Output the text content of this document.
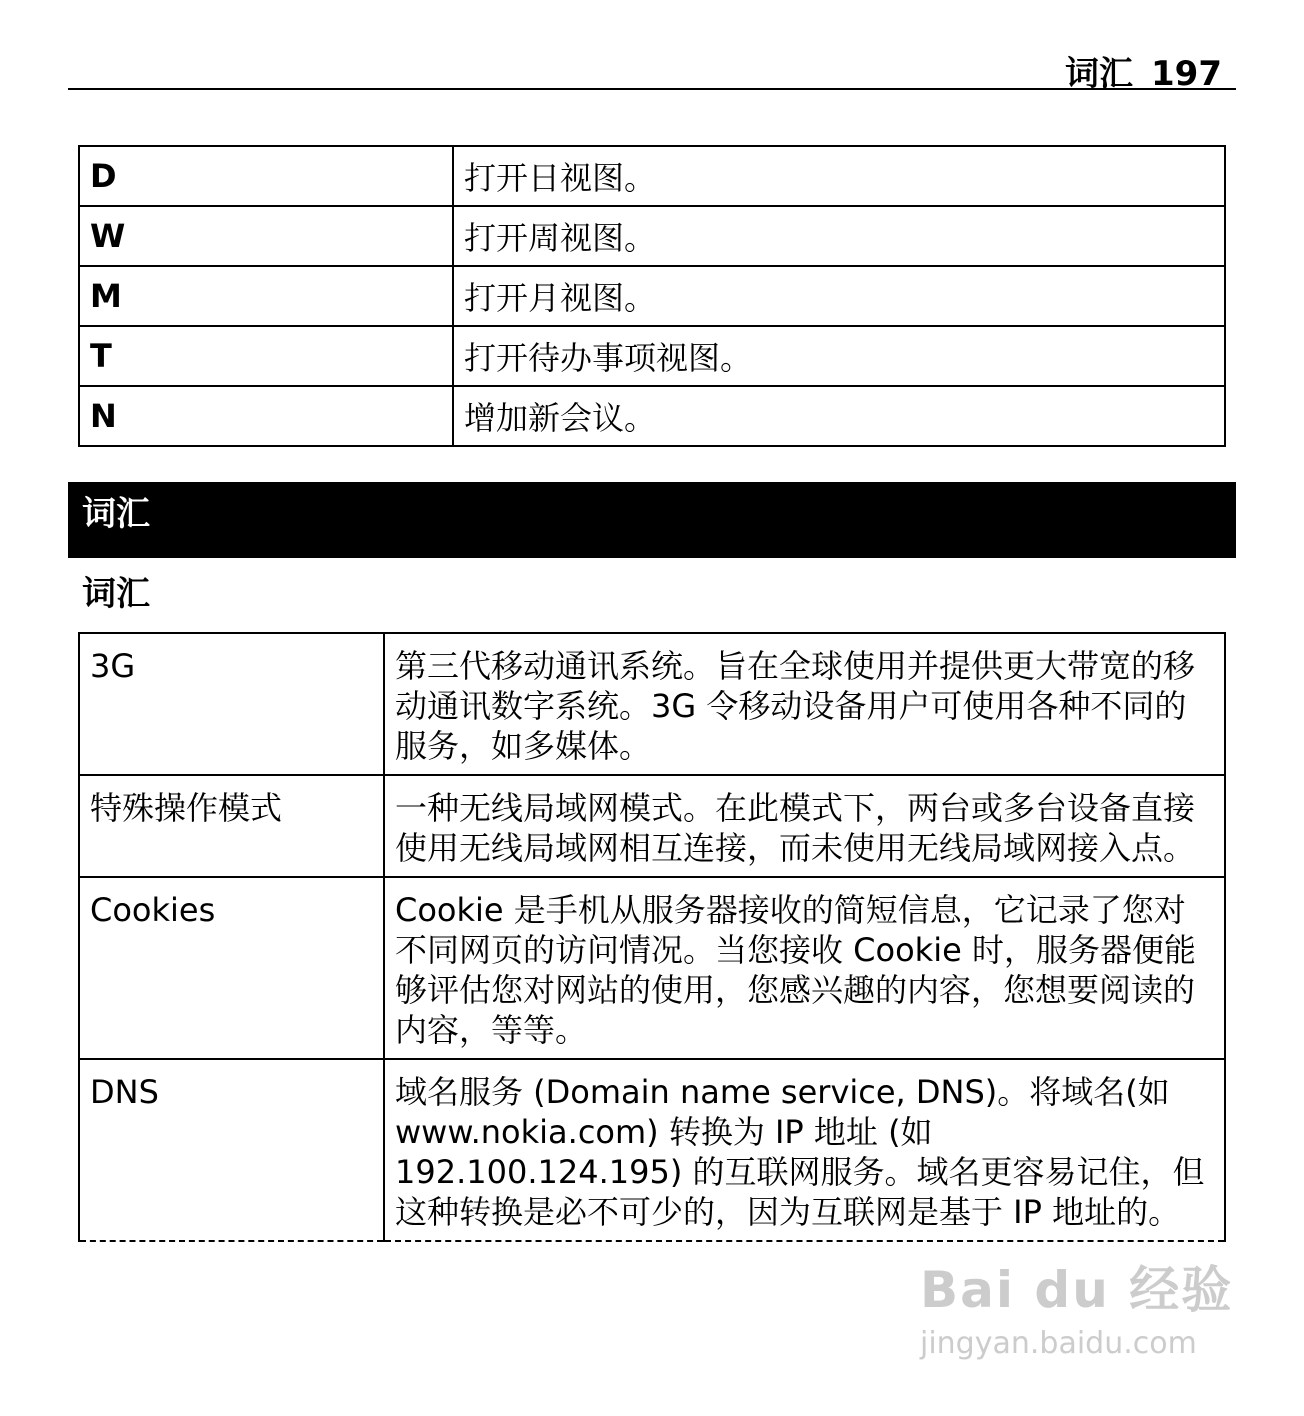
词汇 197
D	打开日视图。
W	打开周视图。
M	打开月视图。
T	打开待办事项视图。
N	增加新会议。
词汇
词汇
3G	第三代移动通讯系统。旨在全球使用并提供更大带宽的移动通讯数字系统。3G 令移动设备用户可使用各种不同的服务，如多媒体。
特殊操作模式	一种无线局域网模式。在此模式下，两台或多台设备直接使用无线局域网相互连接，而未使用无线局域网接入点。
Cookies	Cookie 是手机从服务器接收的简短信息，它记录了您对不同网页的访问情况。当您接收 Cookie 时，服务器便能够评估您对网站的使用，您感兴趣的内容，您想要阅读的内容，等等。
DNS	域名服务 (Domain name service, DNS)。将域名(如 www.nokia.com) 转换为 IP 地址 (如 192.100.124.195) 的互联网服务。域名更容易记住，但这种转换是必不可少的，因为互联网是基于 IP 地址的。
Bai du 经验
jingyan.baidu.com
